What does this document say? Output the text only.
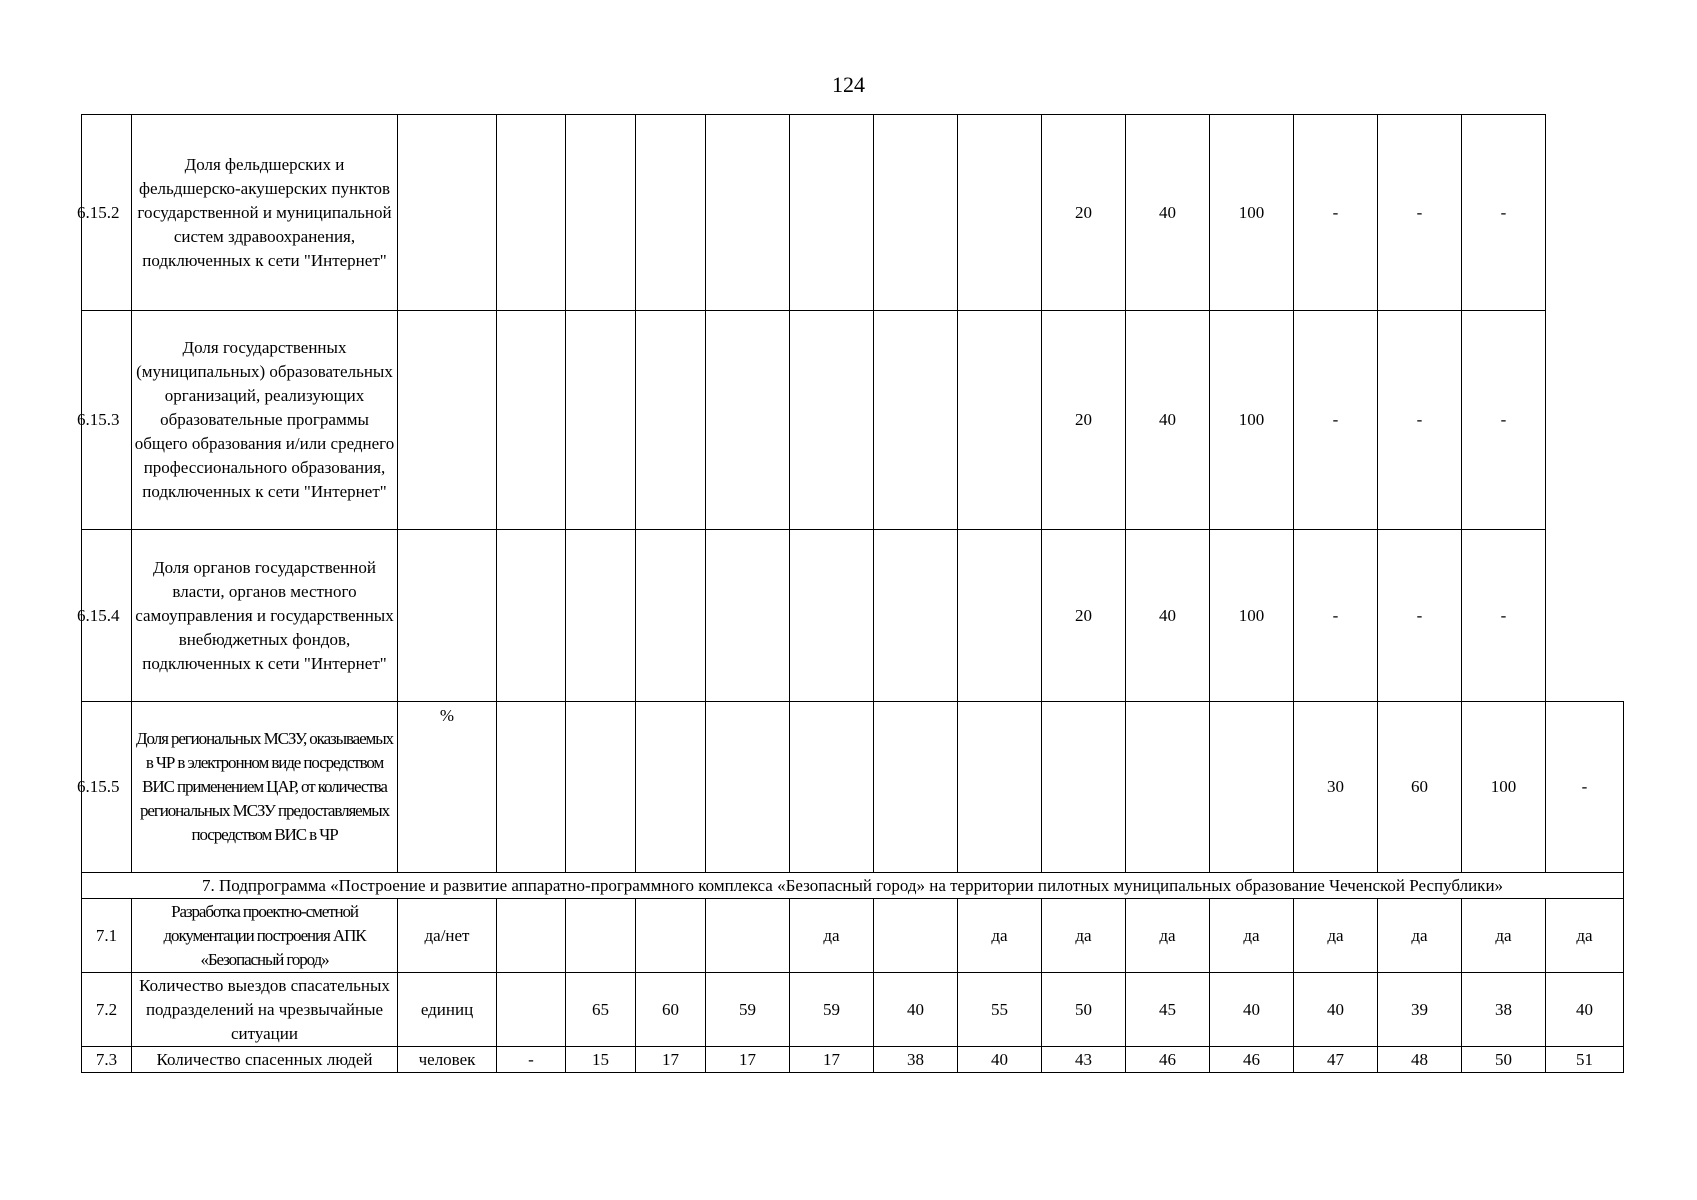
124
6.15.2	Доля фельдшерских и фельдшерско-акушерских пунктов государственной и муниципальной систем здравоохранения, подключенных к сети "Интернет"									20	40	100	-	-	-	
6.15.3	Доля государственных (муниципальных) образовательных организаций, реализующих образовательные программы общего образования и/или среднего профессионального образования, подключенных к сети "Интернет"									20	40	100	-	-	-	
6.15.4	Доля органов государственной власти, органов местного самоуправления и государственных внебюджетных фондов, подключенных к сети "Интернет"									20	40	100	-	-	-	
6.15.5	Доля региональных МСЗУ, оказываемых в ЧР в электронном виде посредством ВИС применением ЦАР, от количества региональных МСЗУ предоставляемых посредством ВИС в ЧР	%											30	60	100	-
7. Подпрограмма «Построение и развитие аппаратно-программного комплекса «Безопасный город» на территории пилотных муниципальных образование Чеченской Республики»																
7.1	Разработка проектно-сметной документации построения АПК «Безопасный город»	да/нет					да		да	да	да	да	да	да	да	да
7.2	Количество выездов спасательных подразделений на чрезвычайные ситуации	единиц		65	60	59	59	40	55	50	45	40	40	39	38	40
7.3	Количество спасенных людей	человек	-	15	17	17	17	38	40	43	46	46	47	48	50	51
